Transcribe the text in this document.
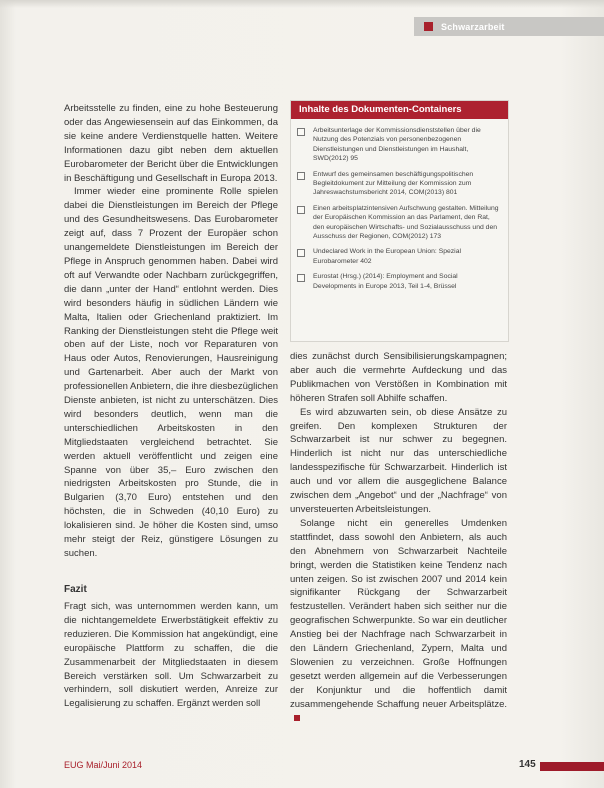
Schwarzarbeit

Arbeitsstelle zu finden, eine zu hohe Besteuerung oder das Angewiesensein auf das Einkommen, da sie keine andere Verdienstquelle hatten. Weitere Informationen dazu gibt neben dem aktuellen Eurobarometer der Bericht über die Entwicklungen in Beschäftigung und Gesellschaft in Europa 2013.

Immer wieder eine prominente Rolle spielen dabei die Dienstleistungen im Bereich der Pflege und des Gesundheitswesens. Das Eurobarometer zeigt auf, dass 7 Prozent der Europäer schon unangemeldete Dienstleistungen im Bereich der Pflege in Anspruch genommen haben. Dabei wird oft auf Verwandte oder Nachbarn zurückgegriffen, die dann „unter der Hand“ entlohnt werden. Dies wird besonders häufig in südlichen Ländern wie Malta, Italien oder Griechenland praktiziert. Im Ranking der Dienstleistungen steht die Pflege weit oben auf der Liste, noch vor Reparaturen von Haus oder Autos, Renovierungen, Hausreinigung und Gartenarbeit. Aber auch der Markt von professionellen Anbietern, die ihre diesbezüglichen Dienste anbieten, ist nicht zu unterschätzen. Dies wird besonders deutlich, wenn man die unterschiedlichen Arbeitskosten in den Mitgliedstaaten vergleichend betrachtet. Sie werden aktuell veröffentlicht und zeigen eine Spanne von über 35,– Euro zwischen den niedrigsten Arbeitskosten pro Stunde, die in Bulgarien (3,70 Euro) entstehen und den höchsten, die in Schweden (40,10 Euro) zu lokalisieren sind. Je höher die Kosten sind, umso mehr steigt der Reiz, günstigere Lösungen zu suchen.

Fazit

Fragt sich, was unternommen werden kann, um die nichtangemeldete Erwerbstätigkeit effektiv zu reduzieren. Die Kommission hat angekündigt, eine europäische Plattform zu schaffen, die die Zusammenarbeit der Mitgliedstaaten in diesem Bereich verstärken soll. Um Schwarzarbeit zu verhindern, soll diskutiert werden, Anreize zur Legalisierung zu schaffen. Ergänzt werden soll

Inhalte des Dokumenten-Containers
Arbeitsunterlage der Kommissionsdienststellen über die Nutzung des Potenzials von personenbezogenen Dienstleistungen und Dienstleistungen im Haushalt, SWD(2012) 95
Entwurf des gemeinsamen beschäftigungspolitischen Begleitdokument zur Mitteilung der Kommission zum Jahreswachstumsbericht 2014, COM(2013) 801
Einen arbeitsplatzintensiven Aufschwung gestalten. Mitteilung der Europäischen Kommission an das Parlament, den Rat, den europäischen Wirtschafts- und Sozialausschuss und den Ausschuss der Regionen, COM(2012) 173
Undeclared Work in the European Union: Spezial Eurobarometer 402
Eurostat (Hrsg.) (2014): Employment and Social Developments in Europe 2013, Teil 1-4, Brüssel

dies zunächst durch Sensibilisierungskampagnen; aber auch die vermehrte Aufdeckung und das Publikmachen von Verstößen in Kombination mit höheren Strafen soll Abhilfe schaffen.

Es wird abzuwarten sein, ob diese Ansätze zu greifen. Den komplexen Strukturen der Schwarzarbeit ist nur schwer zu begegnen. Hinderlich ist nicht nur das unterschiedliche landesspezifische für Schwarzarbeit. Hinderlich ist auch und vor allem die ausgeglichene Balance zwischen dem „Angebot“ und der „Nachfrage“ von unversteuerten Arbeitsleistungen.

Solange nicht ein generelles Umdenken stattfindet, dass sowohl den Anbietern, als auch den Abnehmern von Schwarzarbeit Nachteile bringt, werden die Statistiken keine Tendenz nach unten zeigen. So ist zwischen 2007 und 2014 kein signifikanter Rückgang der Schwarzarbeit festzustellen. Verändert haben sich seither nur die geografischen Schwerpunkte. So war ein deutlicher Anstieg bei der Nachfrage nach Schwarzarbeit in den Ländern Griechenland, Zypern, Malta und Slowenien zu verzeichnen. Große Hoffnungen gesetzt werden allgemein auf die Verbesserungen der Konjunktur und die hoffentlich damit zusammengehende Schaffung neuer Arbeitsplätze.

EUG Mai/Juni 2014	145
